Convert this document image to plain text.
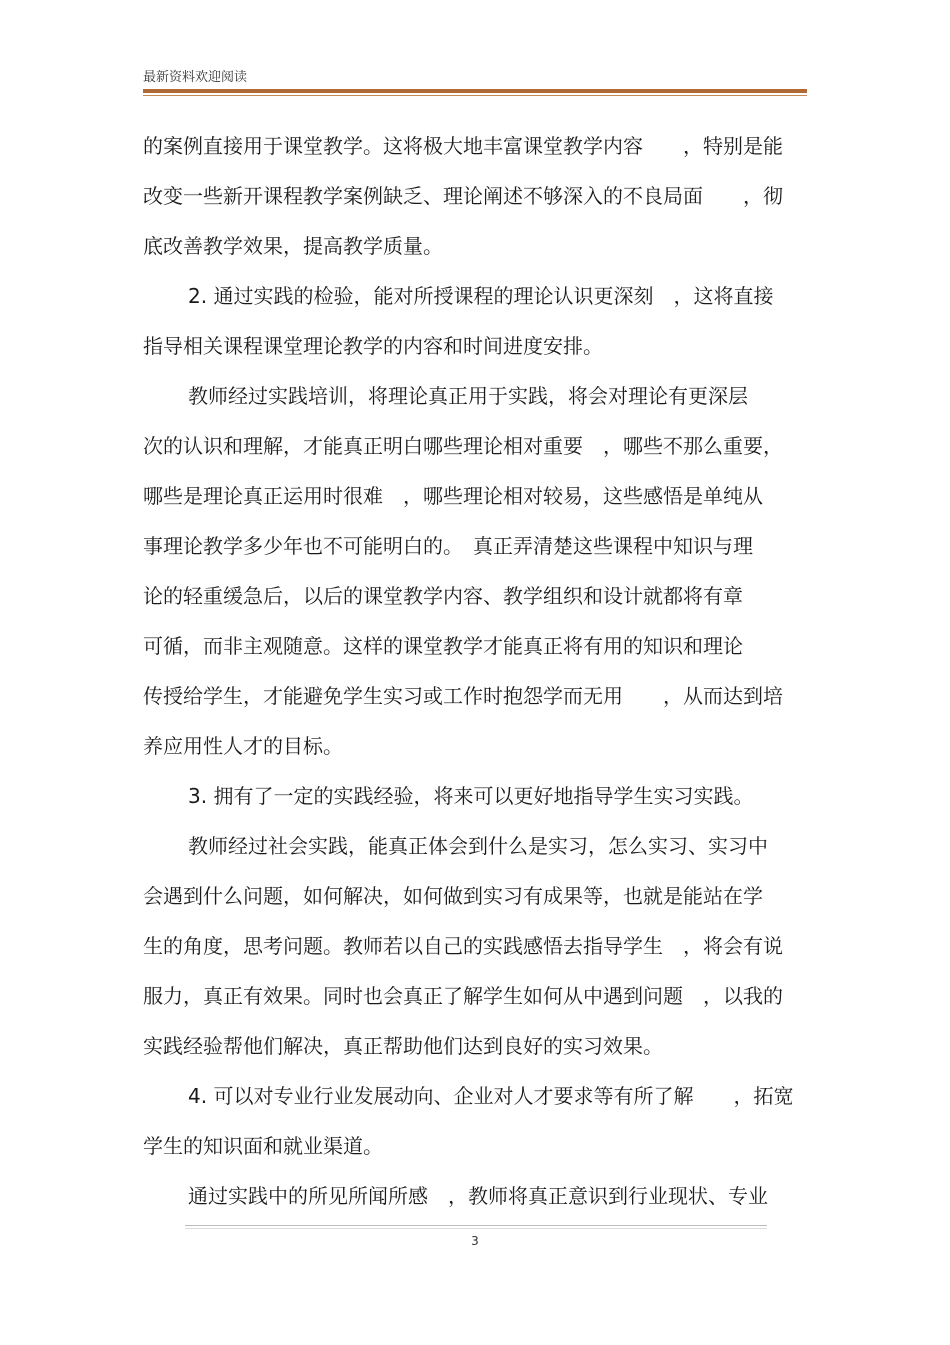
最新资料欢迎阅读
的案例直接用于课堂教学。这将极大地丰富课堂教学内容　　，特别是能
改变一些新开课程教学案例缺乏、理论阐述不够深入的不良局面　　，彻
底改善教学效果，提高教学质量。
2. 通过实践的检验，能对所授课程的理论认识更深刻　，这将直接
指导相关课程课堂理论教学的内容和时间进度安排。
教师经过实践培训，将理论真正用于实践，将会对理论有更深层
次的认识和理解，才能真正明白哪些理论相对重要　，哪些不那么重要，
哪些是理论真正运用时很难　，哪些理论相对较易，这些感悟是单纯从
事理论教学多少年也不可能明白的。　真正弄清楚这些课程中知识与理
论的轻重缓急后，以后的课堂教学内容、教学组织和设计就都将有章
可循，而非主观随意。这样的课堂教学才能真正将有用的知识和理论
传授给学生，才能避免学生实习或工作时抱怨学而无用　　，从而达到培
养应用性人才的目标。
3. 拥有了一定的实践经验，将来可以更好地指导学生实习实践。
教师经过社会实践，能真正体会到什么是实习，怎么实习、实习中
会遇到什么问题，如何解决，如何做到实习有成果等，也就是能站在学
生的角度，思考问题。教师若以自己的实践感悟去指导学生　，将会有说
服力，真正有效果。同时也会真正了解学生如何从中遇到问题　，以我的
实践经验帮他们解决，真正帮助他们达到良好的实习效果。
4. 可以对专业行业发展动向、企业对人才要求等有所了解　　，拓宽
学生的知识面和就业渠道。
通过实践中的所见所闻所感　，教师将真正意识到行业现状、专业
3
